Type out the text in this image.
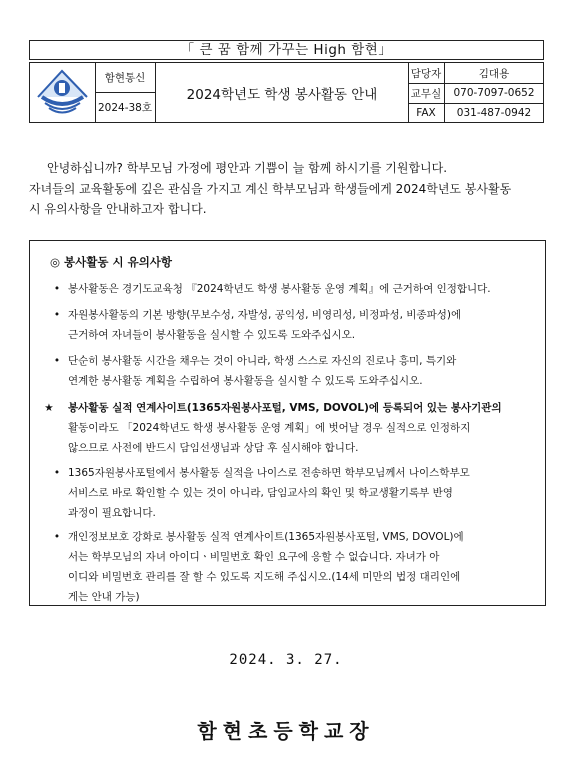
「 큰 꿈 함께 가꾸는 High 함현」
함현통신
2024-38호
2024학년도 학생 봉사활동 안내
담당자
교무실
FAX
김대용
070-7097-0652
031-487-0942

안녕하십니까? 학부모님 가정에 평안과 기쁨이 늘 함께 하시기를 기원합니다.

자녀들의 교육활동에 깊은 관심을 가지고 계신 학부모님과 학생들에게 2024학년도 봉사활동

시 유의사항을 안내하고자 합니다.

◎ 봉사활동 시 유의사항
• 봉사활동은 경기도교육청 『2024학년도 학생 봉사활동 운영 계획』에 근거하여 인정합니다.
• 자원봉사활동의 기본 방향(무보수성, 자발성, 공익성, 비영리성, 비정파성, 비종파성)에
근거하여 자녀들이 봉사활동을 실시할 수 있도록 도와주십시오.
• 단순히 봉사활동 시간을 채우는 것이 아니라, 학생 스스로 자신의 진로나 흥미, 특기와
연계한 봉사활동 계획을 수립하여 봉사활동을 실시할 수 있도록 도와주십시오.
★	봉사활동 실적 연계사이트(1365자원봉사포털, VMS, DOVOL)에 등록되어 있는 봉사기관의
활동이라도 「2024학년도 학생 봉사활동 운영 계획」에 벗어날 경우 실적으로 인정하지
않으므로 사전에 반드시 담임선생님과 상담 후 실시해야 합니다.
• 1365자원봉사포털에서 봉사활동 실적을 나이스로 전송하면 학부모님께서 나이스학부모
서비스로 바로 확인할 수 있는 것이 아니라, 담임교사의 확인 및 학교생활기록부 반영
과정이 필요합니다.
• 개인정보보호 강화로 봉사활동 실적 연계사이트(1365자원봉사포털, VMS, DOVOL)에
서는 학부모님의 자녀 아이디ㆍ비밀번호 확인 요구에 응할 수 없습니다. 자녀가 아
이디와 비밀번호 관리를 잘 할 수 있도록 지도해 주십시오.(14세 미만의 법정 대리인에
게는 안내 가능)
2024. 3. 27.
함현초등학교장
